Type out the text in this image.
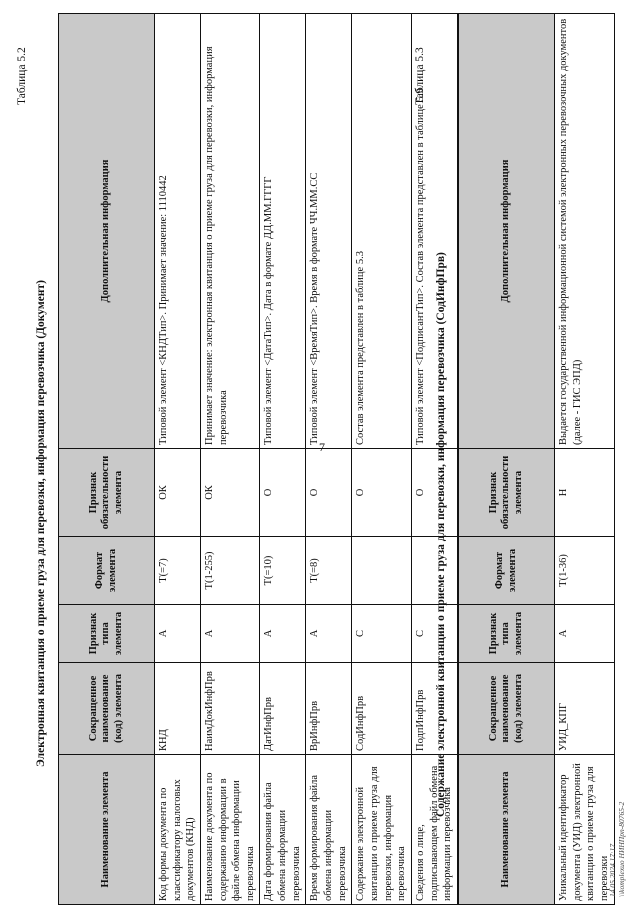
7
Таблица 5.2
Электронная квитанция о приеме груза для перевозки, информация перевозчика (Документ)
Наименование элемента	Сокращенное наименование (код) элемента	Признак типа элемента	Формат элемента	Признак обязательности элемента	Дополнительная информация
Код формы документа по классификатору налоговых документов (КНД)	КНД	А	Т(=7)	ОК	Типовой элемент <КНДТип>. Принимает значение: 1110442
Наименование документа по содержанию информации в файле обмена информации перевозчика	НаимДокИнфПрв	А	Т(1-255)	ОК	Принимает значение: электронная квитанция о приеме груза для перевозки, информация перевозчика
Дата формирования файла обмена информации перевозчика	ДатИнфПрв	А	Т(=10)	О	Типовой элемент <ДатаТип>. Дата в формате ДД.ММ.ГГГГ
Время формирования файла обмена информации перевозчика	ВрИнфПрв	А	Т(=8)	О	Типовой элемент <ВремяТип>. Время в формате ЧЧ.ММ.СС
Содержание электронной квитанции о приеме груза для перевозки, информация перевозчика	СодИнфПрв	С		О	Состав элемента представлен в таблице 5.3
Сведения о лице, подписывающем файл обмена информации перевозчика	ПодпИнфПрв	С		О	Типовой элемент <ПодписантТип>. Состав элемента представлен в таблице 5.9
Таблица 5.3
Содержание электронной квитанции о приеме груза для перевозки, информация перевозчика (СодИнфПрв)
Наименование элемента	Сокращенное наименование (код) элемента	Признак типа элемента	Формат элемента	Признак обязательности элемента	Дополнительная информация
Уникальный идентификатор документа (УИД) электронной квитанции о приеме груза для перевозки	УИД_КПГ	А	Т(1-36)	Н	Выдается государственной информационной системой электронных перевозочных документов (далее - ГИС ЭПД)
14.05.2024 17:17 \\komplexuo НИНПрп-80765-2
